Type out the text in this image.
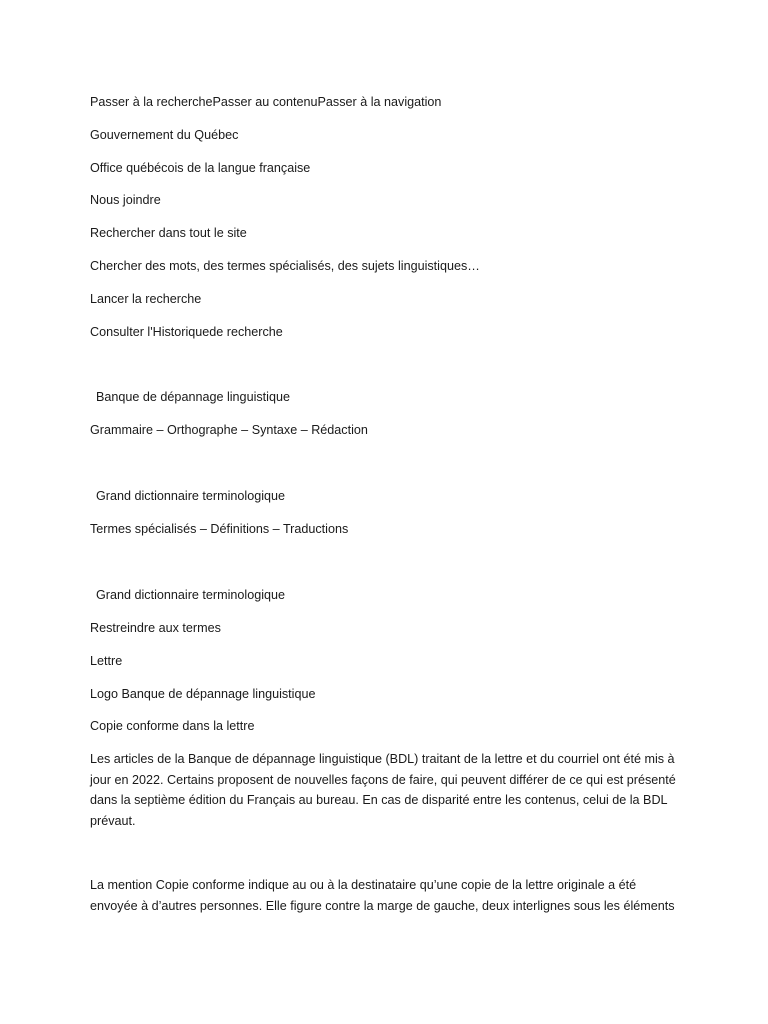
Passer à la recherchePasser au contenuPasser à la navigation
Gouvernement du Québec
Office québécois de la langue française
Nous joindre
Rechercher dans tout le site
Chercher des mots, des termes spécialisés, des sujets linguistiques…
Lancer la recherche
Consulter l'Historiquede recherche
Banque de dépannage linguistique
Grammaire – Orthographe – Syntaxe – Rédaction
Grand dictionnaire terminologique
Termes spécialisés – Définitions – Traductions
Grand dictionnaire terminologique
Restreindre aux termes
Lettre
Logo Banque de dépannage linguistique
Copie conforme dans la lettre
Les articles de la Banque de dépannage linguistique (BDL) traitant de la lettre et du courriel ont été mis à jour en 2022. Certains proposent de nouvelles façons de faire, qui peuvent différer de ce qui est présenté dans la septième édition du Français au bureau. En cas de disparité entre les contenus, celui de la BDL prévaut.
La mention Copie conforme indique au ou à la destinataire qu’une copie de la lettre originale a été envoyée à d’autres personnes. Elle figure contre la marge de gauche, deux interlignes sous les éléments
